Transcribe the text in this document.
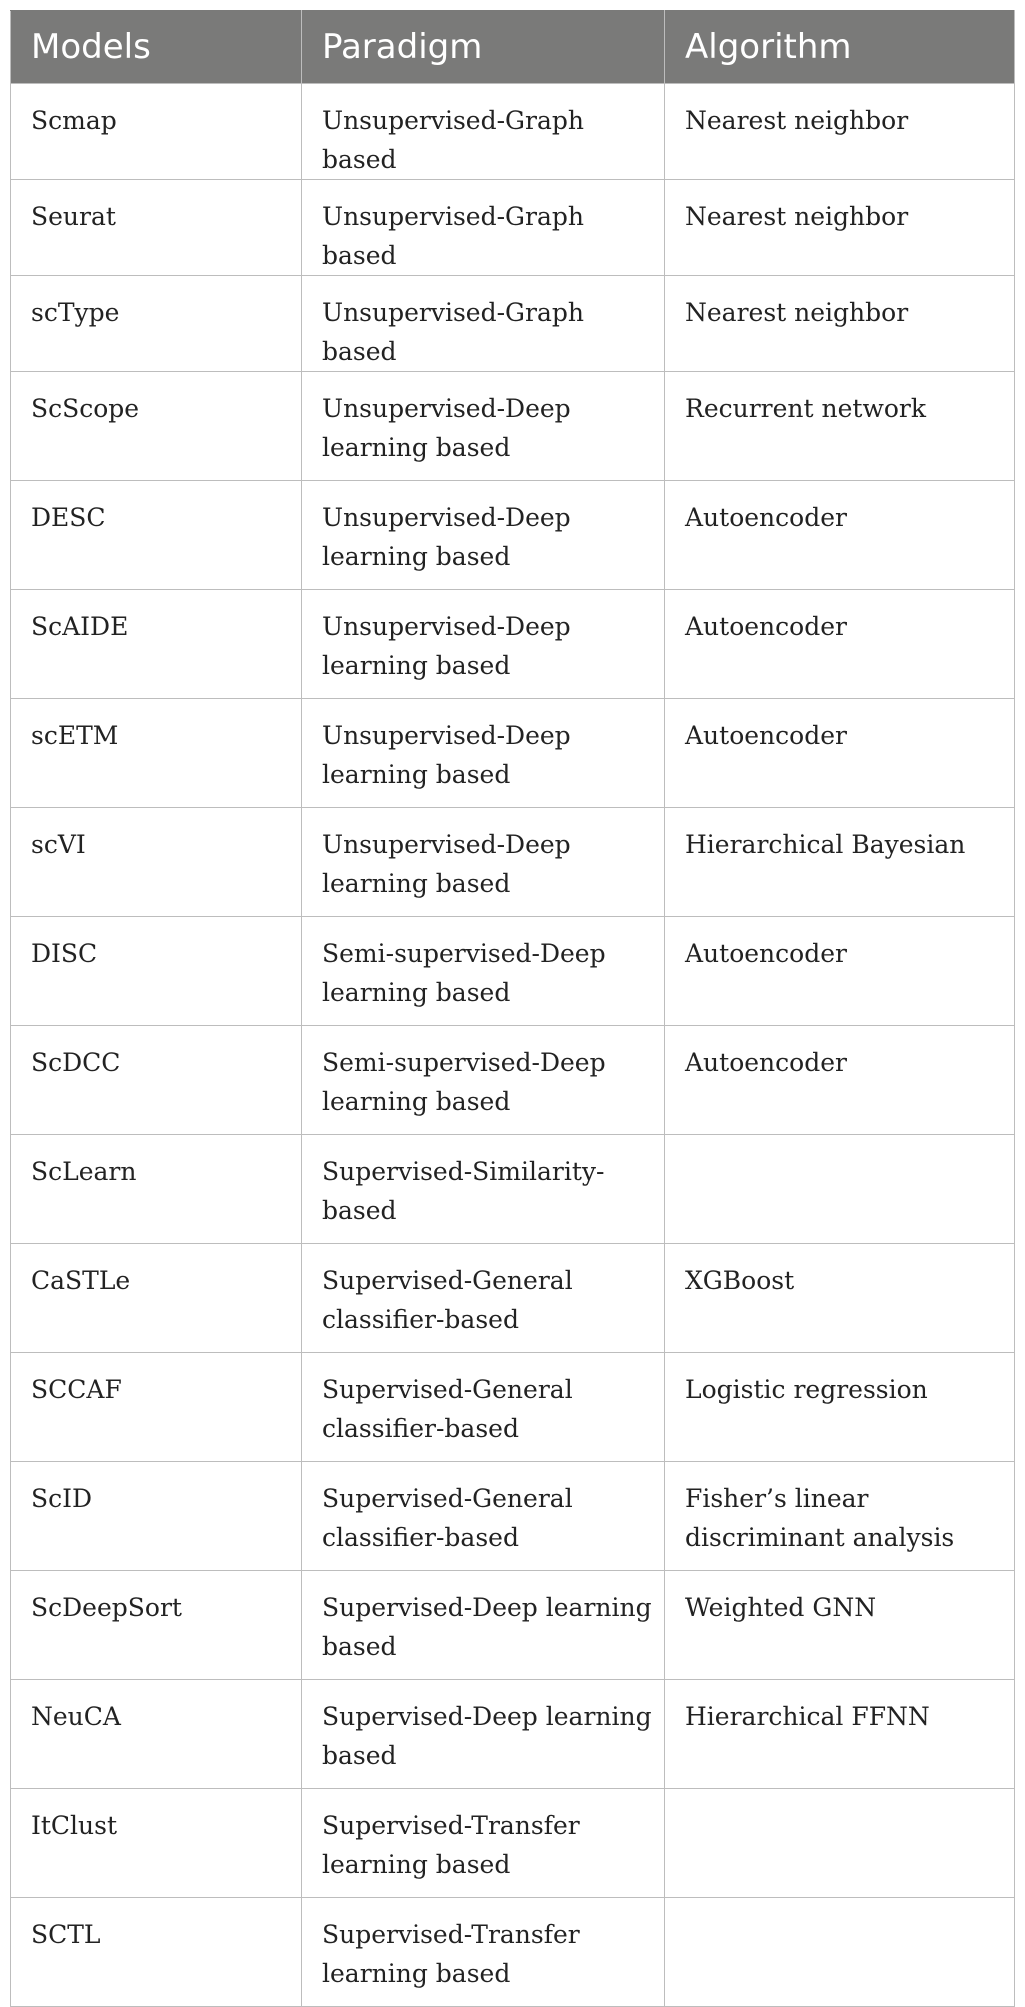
Models	Paradigm	Algorithm
Scmap	Unsupervised-Graph based	Nearest neighbor
Seurat	Unsupervised-Graph based	Nearest neighbor
scType	Unsupervised-Graph based	Nearest neighbor
ScScope	Unsupervised-Deep learning based	Recurrent network
DESC	Unsupervised-Deep learning based	Autoencoder
ScAIDE	Unsupervised-Deep learning based	Autoencoder
scETM	Unsupervised-Deep learning based	Autoencoder
scVI	Unsupervised-Deep learning based	Hierarchical Bayesian
DISC	Semi-supervised-Deep learning based	Autoencoder
ScDCC	Semi-supervised-Deep learning based	Autoencoder
ScLearn	Supervised-Similarity-based	
CaSTLe	Supervised-General classifier-based	XGBoost
SCCAF	Supervised-General classifier-based	Logistic regression
ScID	Supervised-General classifier-based	Fisher’s linear discriminant analysis
ScDeepSort	Supervised-Deep learning based	Weighted GNN
NeuCA	Supervised-Deep learning based	Hierarchical FFNN
ItClust	Supervised-Transfer learning based	
SCTL	Supervised-Transfer learning based	
